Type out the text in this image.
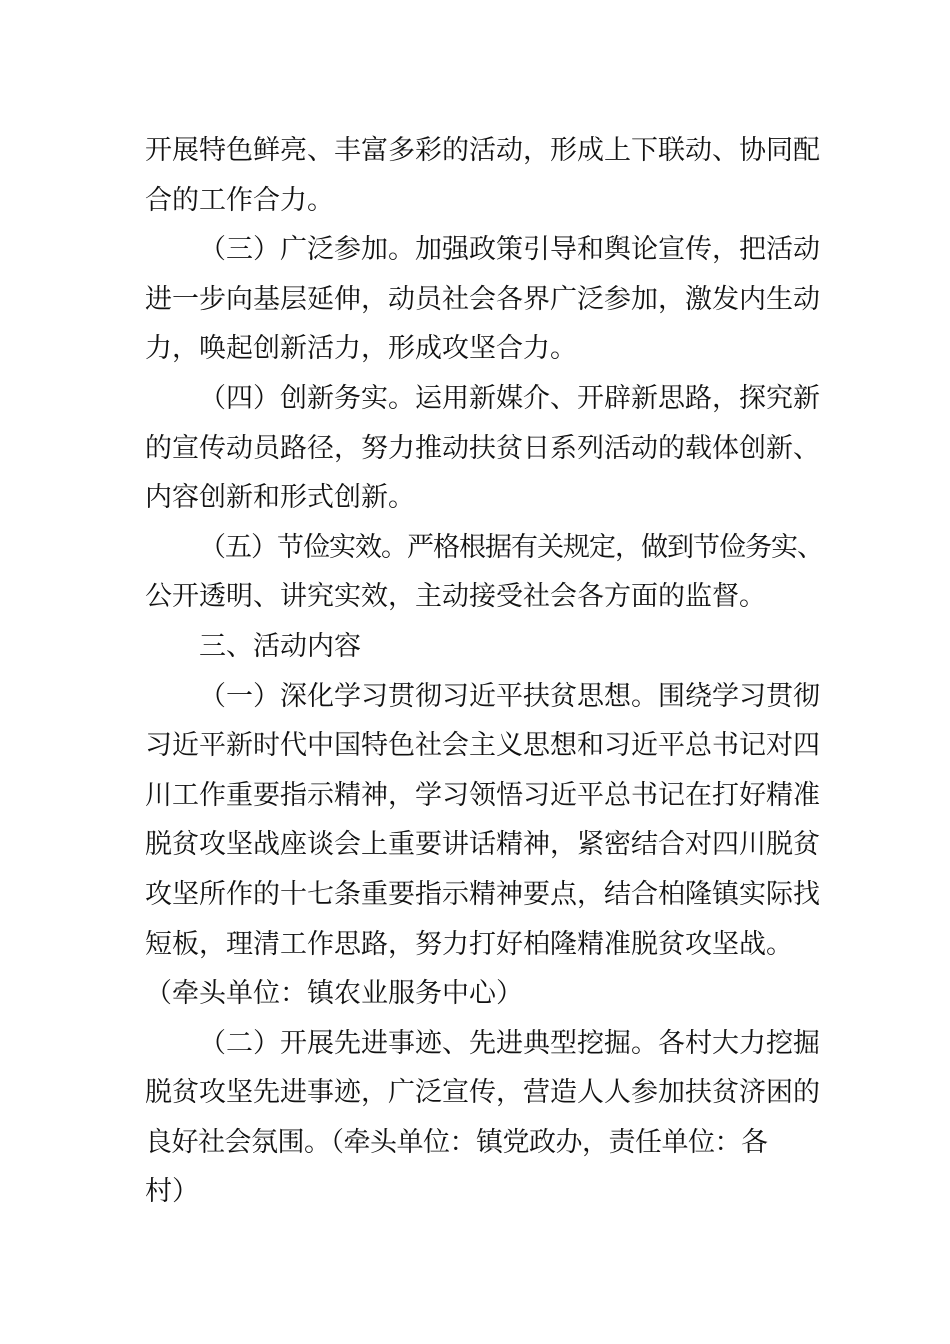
开展特色鲜亮、丰富多彩的活动，形成上下联动、协同配
合的工作合力。
（三）广泛参加。加强政策引导和舆论宣传，把活动
进一步向基层延伸，动员社会各界广泛参加，激发内生动
力，唤起创新活力，形成攻坚合力。
（四）创新务实。运用新媒介、开辟新思路，探究新
的宣传动员路径，努力推动扶贫日系列活动的载体创新、
内容创新和形式创新。
（五）节俭实效。严格根据有关规定，做到节俭务实、
公开透明、讲究实效，主动接受社会各方面的监督。
三、活动内容
（一）深化学习贯彻习近平扶贫思想。围绕学习贯彻
习近平新时代中国特色社会主义思想和习近平总书记对四
川工作重要指示精神，学习领悟习近平总书记在打好精准
脱贫攻坚战座谈会上重要讲话精神，紧密结合对四川脱贫
攻坚所作的十七条重要指示精神要点，结合柏隆镇实际找
短板，理清工作思路，努力打好柏隆精准脱贫攻坚战。
（牵头单位：镇农业服务中心）
（二）开展先进事迹、先进典型挖掘。各村大力挖掘
脱贫攻坚先进事迹，广泛宣传，营造人人参加扶贫济困的
良好社会氛围。（牵头单位：镇党政办，责任单位：各
村）
